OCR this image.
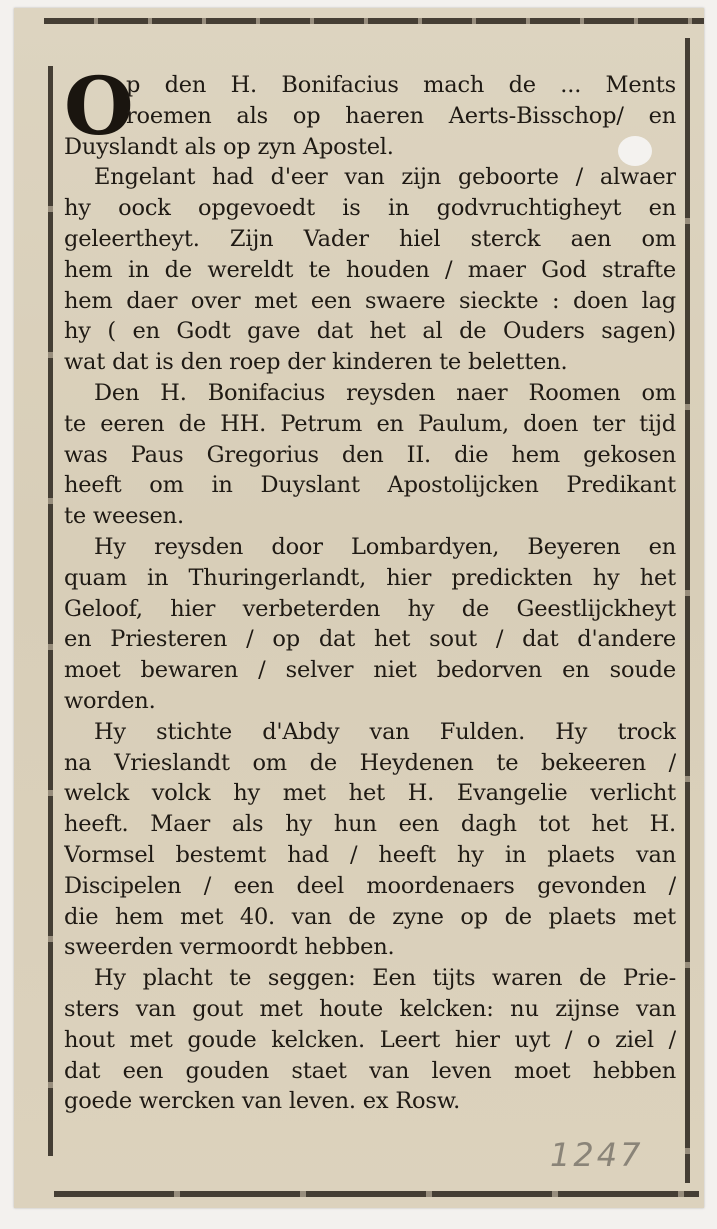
O
p den H. Bonifacius mach de ... Ments
roemen als op haeren Aerts-Bisschop/ en
Duyslandt als op zyn Apostel.
Engelant had d'eer van zijn geboorte / alwaer
hy oock opgevoedt is in godvruchtigheyt en
geleertheyt. Zijn Vader hiel sterck aen om
hem in de wereldt te houden / maer God strafte
hem daer over met een swaere sieckte : doen lag
hy ( en Godt gave dat het al de Ouders sagen)
wat dat is den roep der kinderen te beletten.
Den H. Bonifacius reysden naer Roomen om
te eeren de HH. Petrum en Paulum, doen ter tijd
was Paus Gregorius den II. die hem gekosen
heeft om in Duyslant Apostolijcken Predikant
te weesen.
Hy reysden door Lombardyen, Beyeren en
quam in Thuringerlandt, hier predickten hy het
Geloof, hier verbeterden hy de Geestlijckheyt
en Priesteren / op dat het sout / dat d'andere
moet bewaren / selver niet bedorven en soude
worden.
Hy stichte d'Abdy van Fulden. Hy trock
na Vrieslandt om de Heydenen te bekeeren /
welck volck hy met het H. Evangelie verlicht
heeft. Maer als hy hun een dagh tot het H.
Vormsel bestemt had / heeft hy in plaets van
Discipelen / een deel moordenaers gevonden /
die hem met 40. van de zyne op de plaets met
sweerden vermoordt hebben.
Hy placht te seggen: Een tijts waren de Prie-
sters van gout met houte kelcken: nu zijnse van
hout met goude kelcken. Leert hier uyt / o ziel /
dat een gouden staet van leven moet hebben
goede wercken van leven. ex Rosw.
1247
